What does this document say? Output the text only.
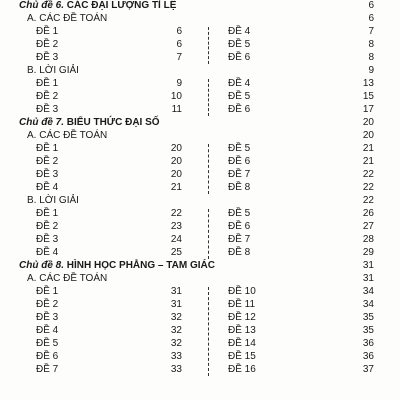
Chủ đề 6. CÁC ĐẠI LƯỢNG TỈ LỆ	6
A. CÁC ĐỀ TOÁN	6
ĐỀ 1	6	ĐỀ 4	7
ĐỀ 2	6	ĐỀ 5	8
ĐỀ 3	7	ĐỀ 6	8
B. LỜI GIẢI	9
ĐỀ 1	9	ĐỀ 4	13
ĐỀ 2	10	ĐỀ 5	15
ĐỀ 3	11	ĐỀ 6	17
Chủ đề 7. BIỂU THỨC ĐẠI SỐ	20
A. CÁC ĐỀ TOÁN	20
ĐỀ 1	20	ĐỀ 5	21
ĐỀ 2	20	ĐỀ 6	21
ĐỀ 3	20	ĐỀ 7	22
ĐỀ 4	21	ĐỀ 8	22
B. LỜI GIẢI	22
ĐỀ 1	22	ĐỀ 5	26
ĐỀ 2	23	ĐỀ 6	27
ĐỀ 3	24	ĐỀ 7	28
ĐỀ 4	25	ĐỀ 8	29
Chủ đề 8. HÌNH HỌC PHẲNG – TAM GIÁC	31
A. CÁC ĐỀ TOÁN	31
ĐỀ 1	31	ĐỀ 10	34
ĐỀ 2	31	ĐỀ 11	34
ĐỀ 3	32	ĐỀ 12	35
ĐỀ 4	32	ĐỀ 13	35
ĐỀ 5	32	ĐỀ 14	36
ĐỀ 6	33	ĐỀ 15	36
ĐỀ 7	33	ĐỀ 16	37
